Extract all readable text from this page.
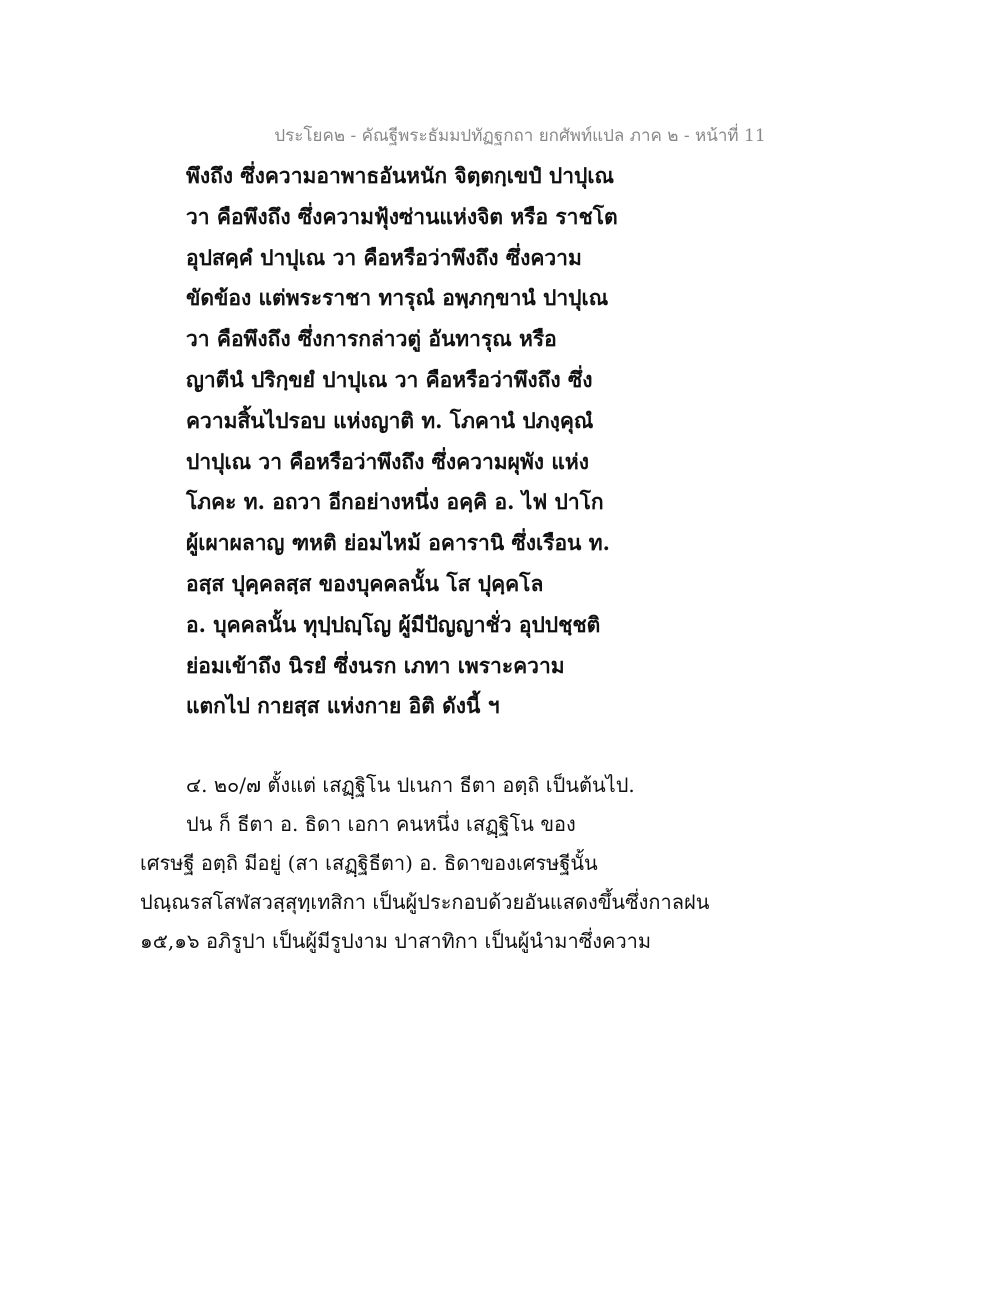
ประโยค๒ - คัณฐีพระธัมมปทัฏฐกถา ยกศัพท์แปล ภาค ๒ - หน้าที่ 11
พึงถึง ซึ่งความอาพาธอันหนัก จิตฺตกฺเขปํ ปาปุเณ
วา คือพึงถึง ซึ่งความฟุ้งซ่านแห่งจิต หรือ ราชโต
อุปสคฺคํ ปาปุเณ วา คือหรือว่าพึงถึง ซึ่งความ
ขัดข้อง แต่พระราชา ทารุณํ อพฺภกฺขานํ ปาปุเณ
วา คือพึงถึง ซึ่งการกล่าวตู่ อันทารุณ หรือ
ญาตีนํ ปริกฺขยํ ปาปุเณ วา คือหรือว่าพึงถึง ซึ่ง
ความสิ้นไปรอบ แห่งญาติ ท. โภคานํ ปภงฺคุณํ
ปาปุเณ วา คือหรือว่าพึงถึง ซึ่งความผุพัง แห่ง
โภคะ ท. อถวา อีกอย่างหนึ่ง อคฺคิ อ. ไฟ ปาโก
ผู้เผาผลาญ ฑหติ ย่อมไหม้ อคารานิ ซึ่งเรือน ท.
อสฺส ปุคฺคลสฺส ของบุคคลนั้น โส ปุคฺคโล
อ. บุคคลนั้น ทุปฺปญฺโญ ผู้มีปัญญาชั่ว อุปปชฺชติ
ย่อมเข้าถึง นิรยํ ซึ่งนรก เภทา เพราะความ
แตกไป กายสฺส แห่งกาย อิติ ดังนี้ ฯ
๔. ๒๐/๗ ตั้งแต่ เสฏฺฐิโน ปเนกา ธีตา อตฺถิ เป็นต้นไป.
ปน ก็ ธีตา อ. ธิดา เอกา คนหนึ่ง เสฏฺฐิโน ของ
เศรษฐี อตฺถิ มีอยู่ (สา เสฏฺฐิธีตา) อ. ธิดาของเศรษฐีนั้น
ปณฺณรสโสฬสวสฺสุทฺเทสิกา เป็นผู้ประกอบด้วยอันแสดงขึ้นซึ่งกาลฝน
๑๕,๑๖ อภิรูปา เป็นผู้มีรูปงาม ปาสาทิกา เป็นผู้นำมาซึ่งความ
